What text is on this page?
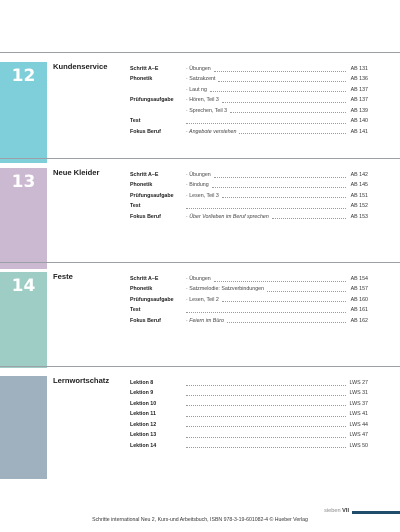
12	Kundenservice	Schritt A–E	· Übungen	AB 131
Phonetik	· Satzakzent	AB 136
· Laut ng	AB 137
Prüfungsaufgabe · Hören, Teil 3	AB 137
· Sprechen, Teil 3	AB 139
Test	AB 140
Fokus Beruf	· Angebote verstehen	AB 141
13	Neue Kleider	Schritt A–E	· Übungen	AB 142
Phonetik	· Bindung	AB 145
Prüfungsaufgabe · Lesen, Teil 3	AB 151
Test	AB 152
Fokus Beruf	· Über Vorlieben im Beruf sprechen	AB 153
14	Feste	Schritt A–E	· Übungen	AB 154
Phonetik	· Satzmelodie: Satzverbindungen	AB 157
Prüfungsaufgabe · Lesen, Teil 2	AB 160
Test	AB 161
Fokus Beruf	· Feiern im Büro	AB 162
Lernwortschatz	Lektion 8	LWS 27
Lektion 9	LWS 31
Lektion 10	LWS 37
Lektion 11	LWS 41
Lektion 12	LWS 44
Lektion 13	LWS 47
Lektion 14	LWS 50
sieben VII
Schritte international Neu 2, Kurs-und Arbeitsbuch, ISBN 978-3-19-601082-4 © Hueber Verlag
